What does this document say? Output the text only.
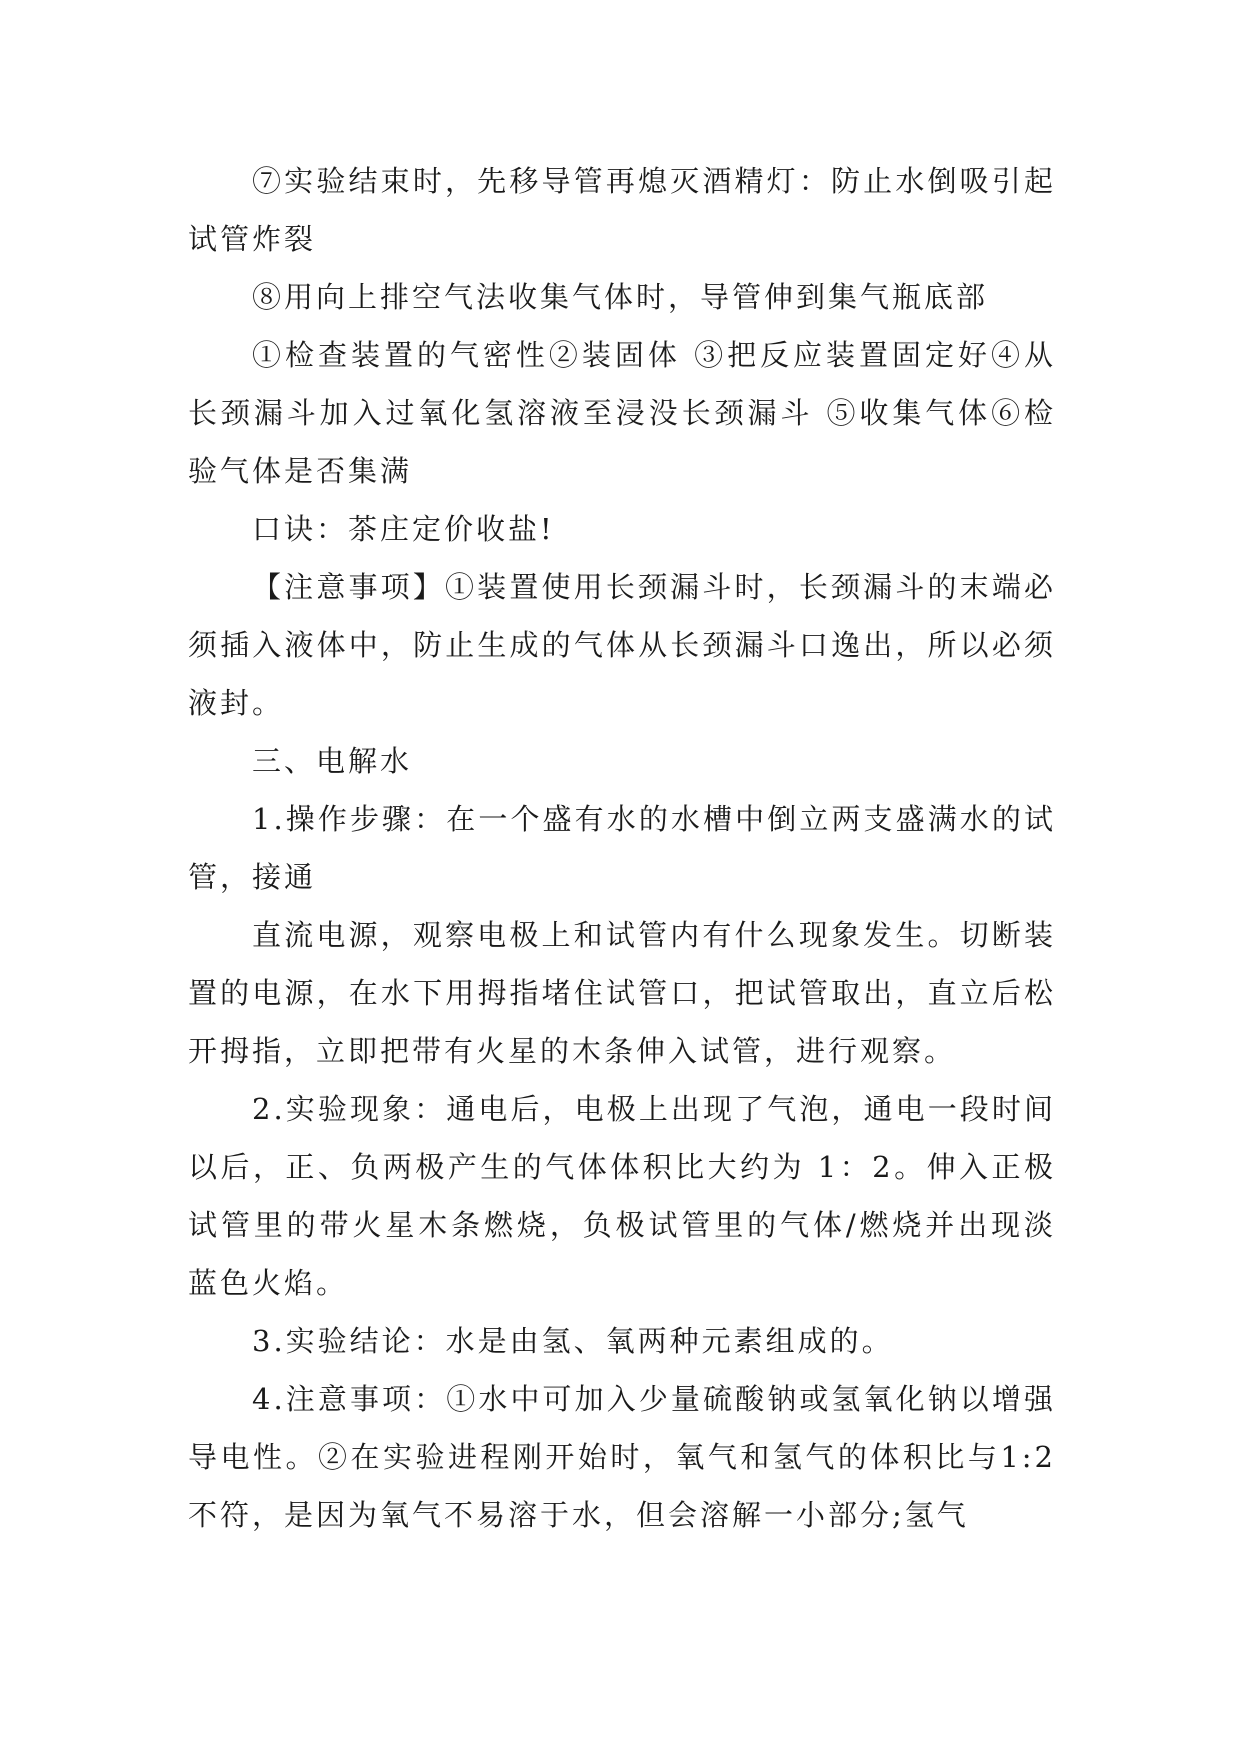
⑦实验结束时，先移导管再熄灭酒精灯：防止水倒吸引起试管炸裂

⑧用向上排空气法收集气体时，导管伸到集气瓶底部

①检查装置的气密性②装固体 ③把反应装置固定好④从长颈漏斗加入过氧化氢溶液至浸没长颈漏斗 ⑤收集气体⑥检验气体是否集满

口诀：茶庄定价收盐!

【注意事项】①装置使用长颈漏斗时，长颈漏斗的末端必须插入液体中，防止生成的气体从长颈漏斗口逸出，所以必须液封。

三、电解水

1.操作步骤：在一个盛有水的水槽中倒立两支盛满水的试管，接通

直流电源，观察电极上和试管内有什么现象发生。切断装置的电源，在水下用拇指堵住试管口，把试管取出，直立后松开拇指，立即把带有火星的木条伸入试管，进行观察。

2.实验现象：通电后，电极上出现了气泡，通电一段时间以后，正、负两极产生的气体体积比大约为 1：2。伸入正极试管里的带火星木条燃烧，负极试管里的气体/燃烧并出现淡蓝色火焰。

3.实验结论：水是由氢、氧两种元素组成的。

4.注意事项：①水中可加入少量硫酸钠或氢氧化钠以增强导电性。②在实验进程刚开始时，氧气和氢气的体积比与1:2 不符，是因为氧气不易溶于水，但会溶解一小部分;氢气
